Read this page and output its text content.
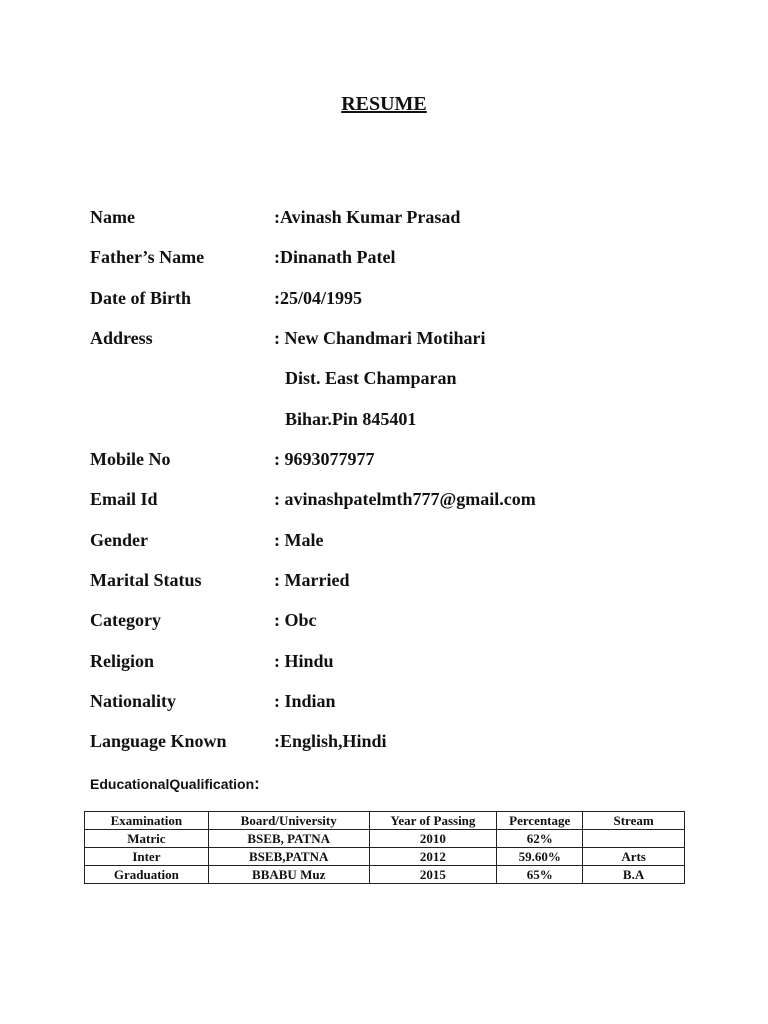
RESUME
Name	:Avinash Kumar Prasad
Father’s Name	:Dinanath Patel
Date of Birth	:25/04/1995
Address	: New Chandmari Motihari
Dist. East Champaran
Bihar.Pin 845401
Mobile No	: 9693077977
Email Id	: avinashpatelmth777@gmail.com
Gender	: Male
Marital Status	: Married
Category	: Obc
Religion	: Hindu
Nationality	: Indian
Language Known	:English,Hindi
EducationalQualification:
Examination	Board/University	Year of Passing	Percentage	Stream
Matric	BSEB, PATNA	2010	62%	
Inter	BSEB,PATNA	2012	59.60%	Arts
Graduation	BBABU Muz	2015	65%	B.A
